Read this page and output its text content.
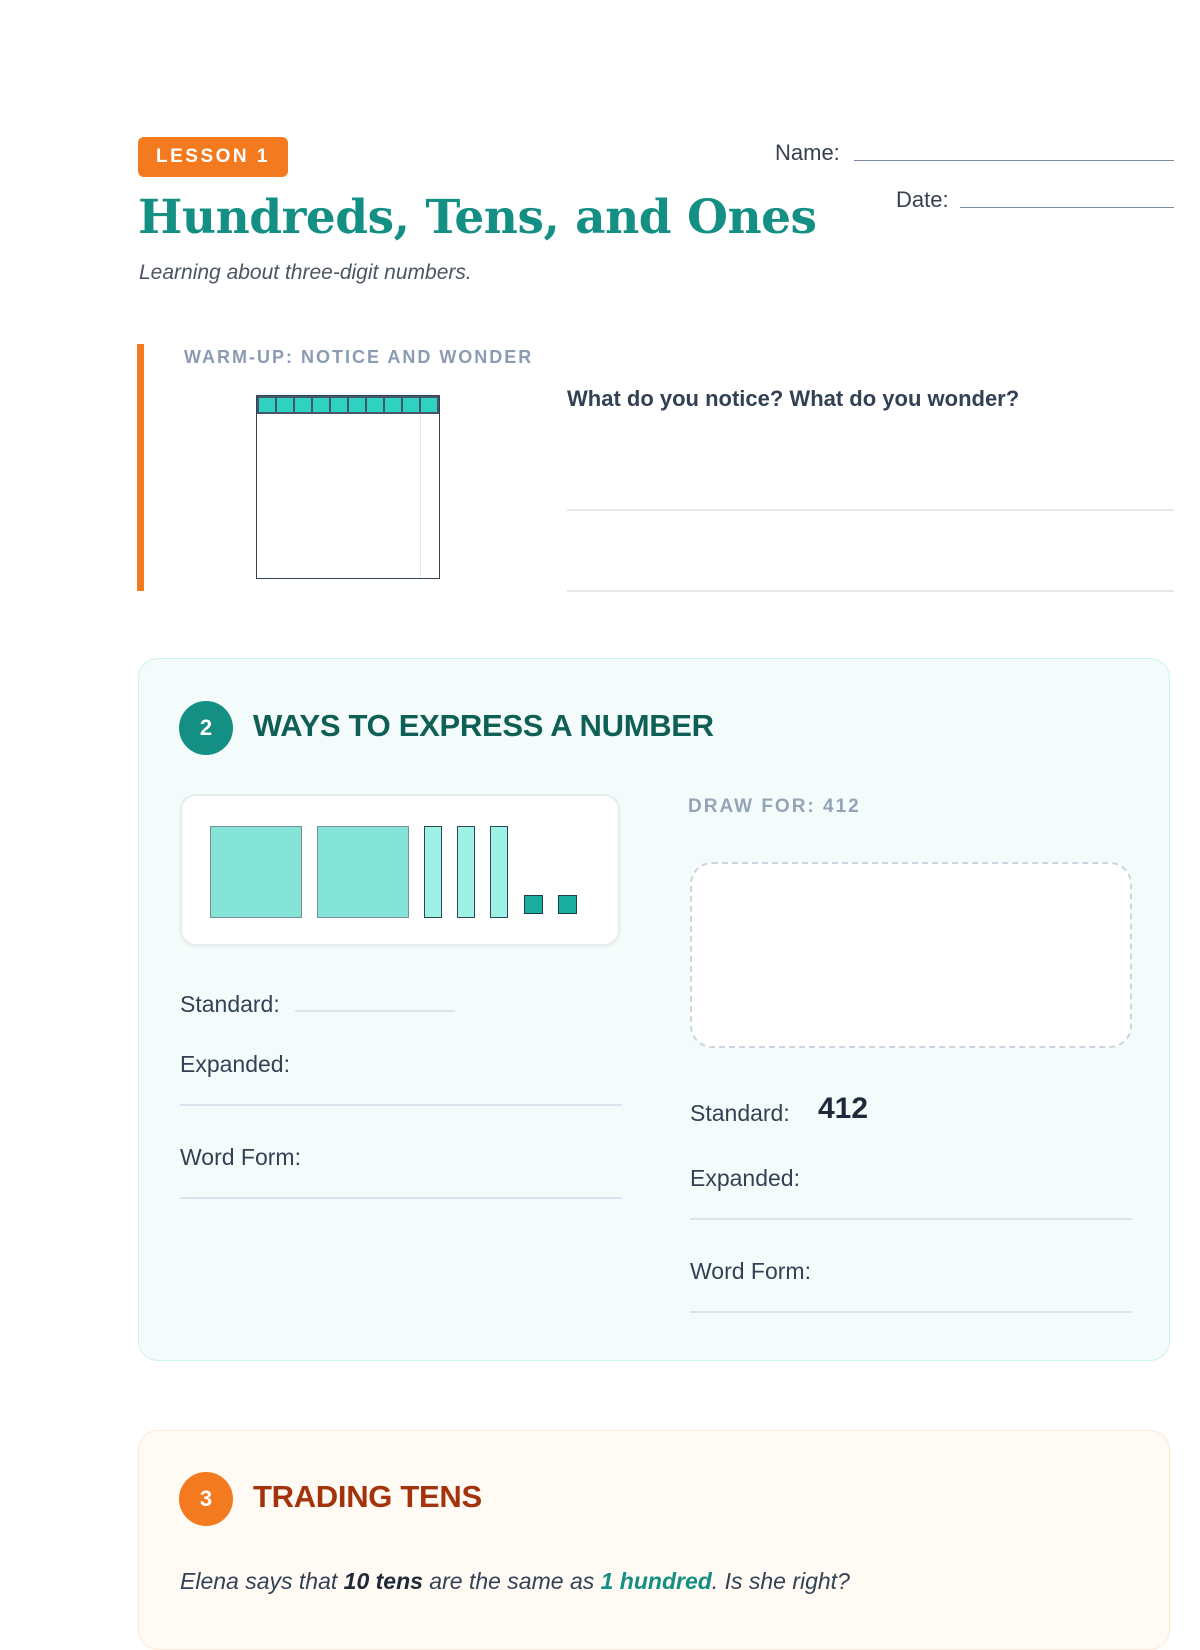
LESSON 1
Hundreds, Tens, and Ones
Learning about three-digit numbers.
Name:
Date:
WARM-UP: NOTICE AND WONDER
What do you notice? What do you wonder?
2	WAYS TO EXPRESS A NUMBER
Standard:
Expanded:
Word Form:
DRAW FOR: 412
Standard: 412
Expanded:
Word Form:
3	TRADING TENS
Elena says that 10 tens are the same as 1 hundred. Is she right?
